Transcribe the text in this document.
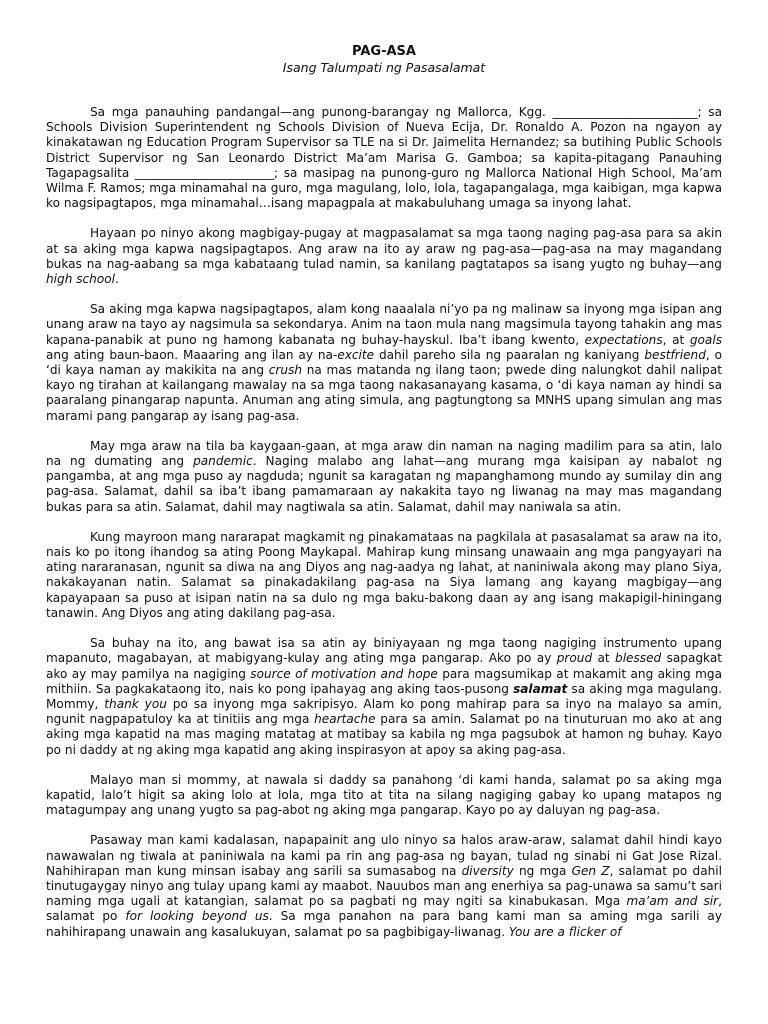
PAG-ASA
Isang Talumpati ng Pasasalamat

Sa mga panauhing pandangal—ang punong-barangay ng Mallorca, Kgg. ________________________; sa Schools Division Superintendent ng Schools Division of Nueva Ecija, Dr. Ronaldo A. Pozon na ngayon ay kinakatawan ng Education Program Supervisor sa TLE na si Dr. Jaimelita Hernandez; sa butihing Public Schools District Supervisor ng San Leonardo District Ma’am Marisa G. Gamboa; sa kapita-pitagang Panauhing Tagapagsalita _______________________; sa masipag na punong-guro ng Mallorca National High School, Ma’am Wilma F. Ramos; mga minamahal na guro, mga magulang, lolo, lola, tagapangalaga, mga kaibigan, mga kapwa ko nagsipagtapos, mga minamahal…isang mapagpala at makabuluhang umaga sa inyong lahat.

Hayaan po ninyo akong magbigay-pugay at magpasalamat sa mga taong naging pag-asa para sa akin at sa aking mga kapwa nagsipagtapos. Ang araw na ito ay araw ng pag-asa—pag-asa na may magandang bukas na nag-aabang sa mga kabataang tulad namin, sa kanilang pagtatapos sa isang yugto ng buhay—ang high school.

Sa aking mga kapwa nagsipagtapos, alam kong naaalala ni’yo pa ng malinaw sa inyong mga isipan ang unang araw na tayo ay nagsimula sa sekondarya. Anim na taon mula nang magsimula tayong tahakin ang mas kapana-panabik at puno ng hamong kabanata ng buhay-hayskul. Iba’t ibang kwento, expectations, at goals ang ating baun-baon. Maaaring ang ilan ay na-excite dahil pareho sila ng paaralan ng kaniyang bestfriend, o ‘di kaya naman ay makikita na ang crush na mas matanda ng ilang taon; pwede ding nalungkot dahil nalipat kayo ng tirahan at kailangang mawalay na sa mga taong nakasanayang kasama, o ‘di kaya naman ay hindi sa paaralang pinangarap napunta. Anuman ang ating simula, ang pagtungtong sa MNHS upang simulan ang mas marami pang pangarap ay isang pag-asa.

May mga araw na tila ba kaygaan-gaan, at mga araw din naman na naging madilim para sa atin, lalo na ng dumating ang pandemic. Naging malabo ang lahat—ang murang mga kaisipan ay nabalot ng pangamba, at ang mga puso ay nagduda; ngunit sa karagatan ng mapanghamong mundo ay sumilay din ang pag-asa. Salamat, dahil sa iba’t ibang pamamaraan ay nakakita tayo ng liwanag na may mas magandang bukas para sa atin. Salamat, dahil may nagtiwala sa atin. Salamat, dahil may naniwala sa atin.

Kung mayroon mang nararapat magkamit ng pinakamataas na pagkilala at pasasalamat sa araw na ito, nais ko po itong ihandog sa ating Poong Maykapal. Mahirap kung minsang unawaain ang mga pangyayari na ating nararanasan, ngunit sa diwa na ang Diyos ang nag-aadya ng lahat, at naniniwala akong may plano Siya, nakakayanan natin. Salamat sa pinakadakilang pag-asa na Siya lamang ang kayang magbigay—ang kapayapaan sa puso at isipan natin na sa dulo ng mga baku-bakong daan ay ang isang makapigil-hiningang tanawin. Ang Diyos ang ating dakilang pag-asa.

Sa buhay na ito, ang bawat isa sa atin ay biniyayaan ng mga taong nagiging instrumento upang mapanuto, magabayan, at mabigyang-kulay ang ating mga pangarap. Ako po ay proud at blessed sapagkat ako ay may pamilya na nagiging source of motivation and hope para magsumikap at makamit ang aking mga mithiin. Sa pagkakataong ito, nais ko pong ipahayag ang aking taos-pusong salamat sa aking mga magulang. Mommy, thank you po sa inyong mga sakripisyo. Alam ko pong mahirap para sa inyo na malayo sa amin, ngunit nagpapatuloy ka at tinitiis ang mga heartache para sa amin. Salamat po na tinuturuan mo ako at ang aking mga kapatid na mas maging matatag at matibay sa kabila ng mga pagsubok at hamon ng buhay. Kayo po ni daddy at ng aking mga kapatid ang aking inspirasyon at apoy sa aking pag-asa.

Malayo man si mommy, at nawala si daddy sa panahong ‘di kami handa, salamat po sa aking mga kapatid, lalo’t higit sa aking lolo at lola, mga tito at tita na silang nagiging gabay ko upang matapos ng matagumpay ang unang yugto sa pag-abot ng aking mga pangarap. Kayo po ay daluyan ng pag-asa.

Pasaway man kami kadalasan, napapainit ang ulo ninyo sa halos araw-araw, salamat dahil hindi kayo nawawalan ng tiwala at paniniwala na kami pa rin ang pag-asa ng bayan, tulad ng sinabi ni Gat Jose Rizal. Nahihirapan man kung minsan isabay ang sarili sa sumasabog na diversity ng mga Gen Z, salamat po dahil tinutugaygay ninyo ang tulay upang kami ay maabot. Nauubos man ang enerhiya sa pag-unawa sa samu’t sari naming mga ugali at katangian, salamat po sa pagbati ng may ngiti sa kinabukasan. Mga ma’am and sir, salamat po for looking beyond us. Sa mga panahon na para bang kami man sa aming mga sarili ay nahihirapang unawain ang kasalukuyan, salamat po sa pagbibigay-liwanag. You are a flicker of
